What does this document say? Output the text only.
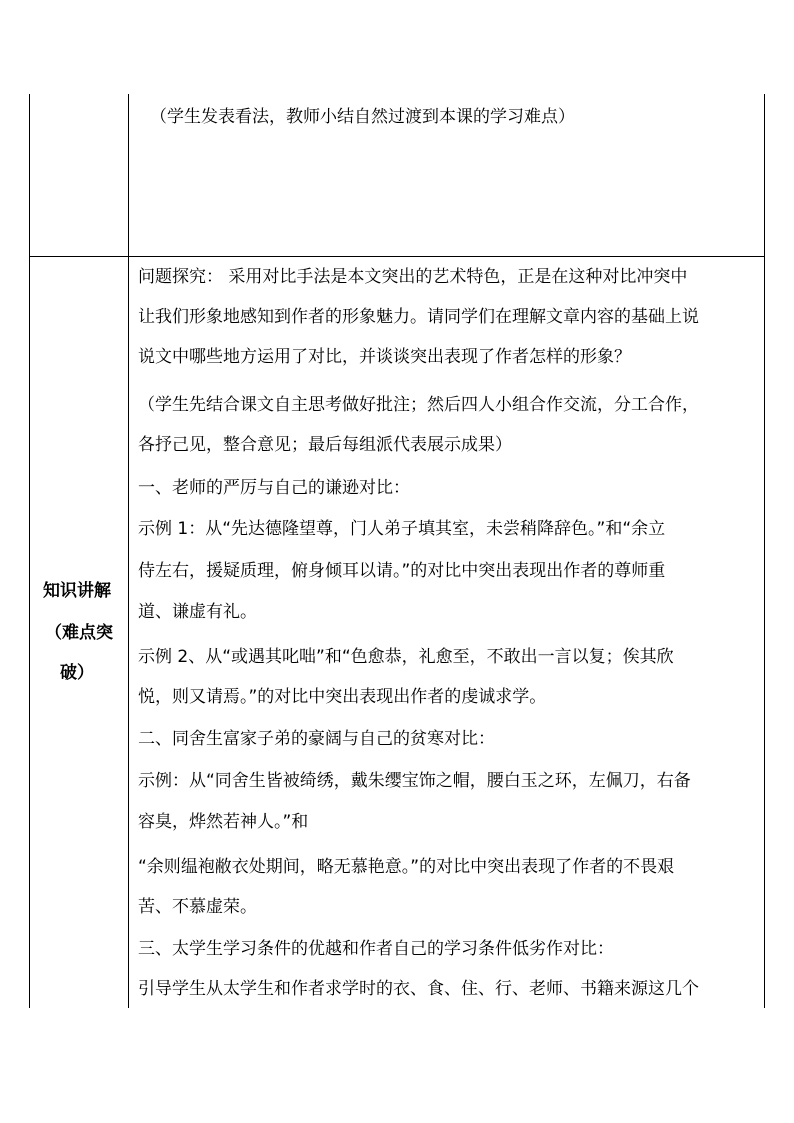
（学生发表看法，教师小结自然过渡到本课的学习难点）
知识讲解
（难点突
破）
问题探究： 采用对比手法是本文突出的艺术特色，正是在这种对比冲突中
让我们形象地感知到作者的形象魅力。请同学们在理解文章内容的基础上说
说文中哪些地方运用了对比，并谈谈突出表现了作者怎样的形象？
（学生先结合课文自主思考做好批注；然后四人小组合作交流，分工合作，
各抒己见，整合意见；最后每组派代表展示成果）
一、老师的严厉与自己的谦逊对比：
示例 1：从“先达德隆望尊，门人弟子填其室，未尝稍降辞色。”和“余立
侍左右，援疑质理，俯身倾耳以请。”的对比中突出表现出作者的尊师重
道、谦虚有礼。
示例 2、从“或遇其叱咄”和“色愈恭，礼愈至，不敢出一言以复；俟其欣
悦，则又请焉。”的对比中突出表现出作者的虔诚求学。
二、同舍生富家子弟的豪阔与自己的贫寒对比：
示例：从“同舍生皆被绮绣，戴朱缨宝饰之帽，腰白玉之环，左佩刀，右备
容臭，烨然若神人。”和
“余则缊袍敝衣处期间，略无慕艳意。”的对比中突出表现了作者的不畏艰
苦、不慕虚荣。
三、太学生学习条件的优越和作者自己的学习条件低劣作对比：
引导学生从太学生和作者求学时的衣、食、住、行、老师、书籍来源这几个
